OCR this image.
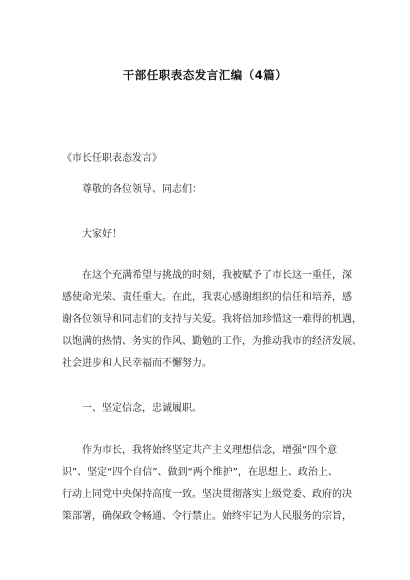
干部任职表态发言汇编（4篇）
《市长任职表态发言》
尊敬的各位领导、同志们：
大家好！
在这个充满希望与挑战的时刻，我被赋予了市长这一重任，深
感使命光荣、责任重大。在此，我衷心感谢组织的信任和培养，感
谢各位领导和同志们的支持与关爱。我将倍加珍惜这一难得的机遇，
以饱满的热情、务实的作风、勤勉的工作，为推动我市的经济发展、
社会进步和人民幸福而不懈努力。
一、坚定信念，忠诚履职。
作为市长，我将始终坚定共产主义理想信念，增强“四个意
识”、坚定“四个自信”、做到“两个维护”，在思想上、政治上、
行动上同党中央保持高度一致。坚决贯彻落实上级党委、政府的决
策部署，确保政令畅通、令行禁止。始终牢记为人民服务的宗旨，
